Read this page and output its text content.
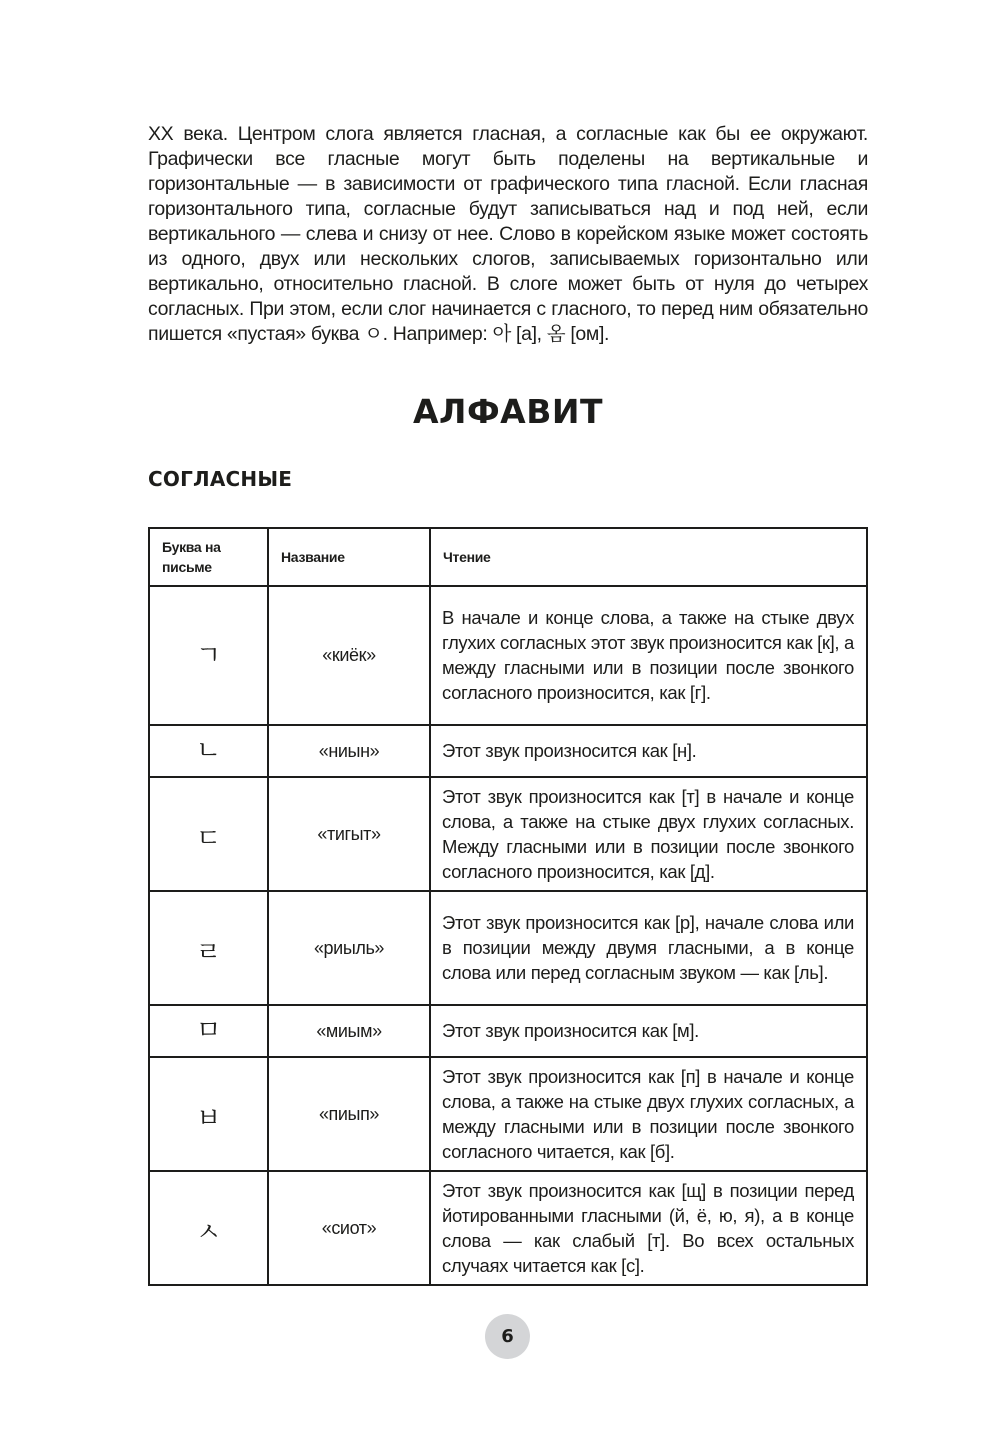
XX века. Центром слога является гласная, а согласные как бы ее окружают. Графически все гласные могут быть поделены на вертикальные и горизонтальные — в зависимости от графического типа гласной. Если гласная горизонтального типа, согласные будут записываться над и под ней, если вертикального — слева и снизу от нее. Слово в корейском языке может состоять из одного, двух или нескольких слогов, записываемых горизонтально или вертикально, относительно гласной. В слоге может быть от нуля до четырех согласных. При этом, если слог начинается с гласного, то перед ним обязательно пишется «пустая» буква ㅇ. Например: 아 [а], 옴 [ом].

АЛФАВИТ
СОГЛАСНЫЕ
Буква на письме	Название	Чтение
ㄱ	«киёк»	В начале и конце слова, а также на стыке двух глухих согласных этот звук произносится как [к], а между гласными или в позиции после звонкого согласного произносится, как [г].
ㄴ	«ниын»	Этот звук произносится как [н].
ㄷ	«тигыт»	Этот звук произносится как [т] в начале и конце слова, а также на стыке двух глухих согласных. Между гласными или в позиции после звонкого согласного произносится, как [д].
ㄹ	«риыль»	Этот звук произносится как [р], начале слова или в позиции между двумя гласными, а в конце слова или перед согласным звуком — как [ль].
ㅁ	«миым»	Этот звук произносится как [м].
ㅂ	«пиып»	Этот звук произносится как [п] в начале и конце слова, а также на стыке двух глухих согласных, а между гласными или в позиции после звонкого согласного читается, как [б].
ㅅ	«сиот»	Этот звук произносится как [щ] в позиции перед йотированными гласными (й, ё, ю, я), а в конце слова — как слабый [т]. Во всех остальных случаях читается как [с].
6
